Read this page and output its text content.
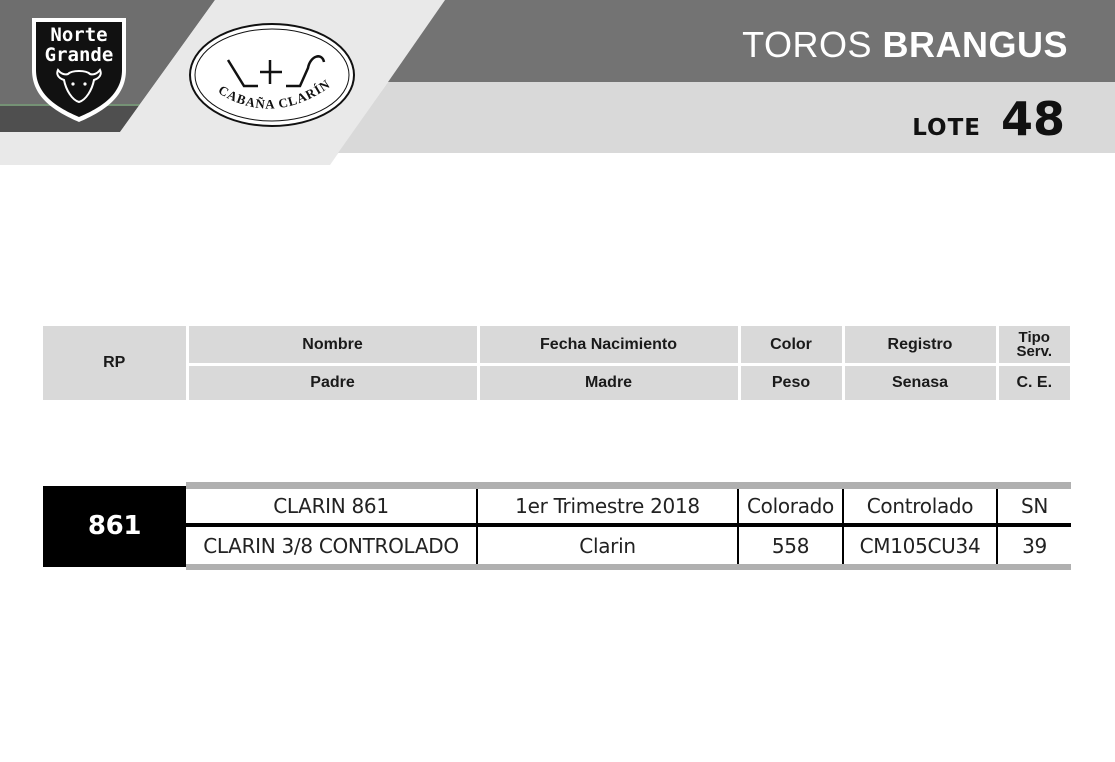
TOROS BRANGUS
lote 48
Norte
Grande
CABAÑA CLARÍN
RP	Nombre	Fecha Nacimiento	Color	Registro	Tipo
Serv.
	Padre	Madre	Peso	Senasa	C. E.
861	CLARIN 861	1er Trimestre 2018	Colorado	Controlado	SN
	CLARIN 3/8 CONTROLADO	Clarin	558	CM105CU34	39
